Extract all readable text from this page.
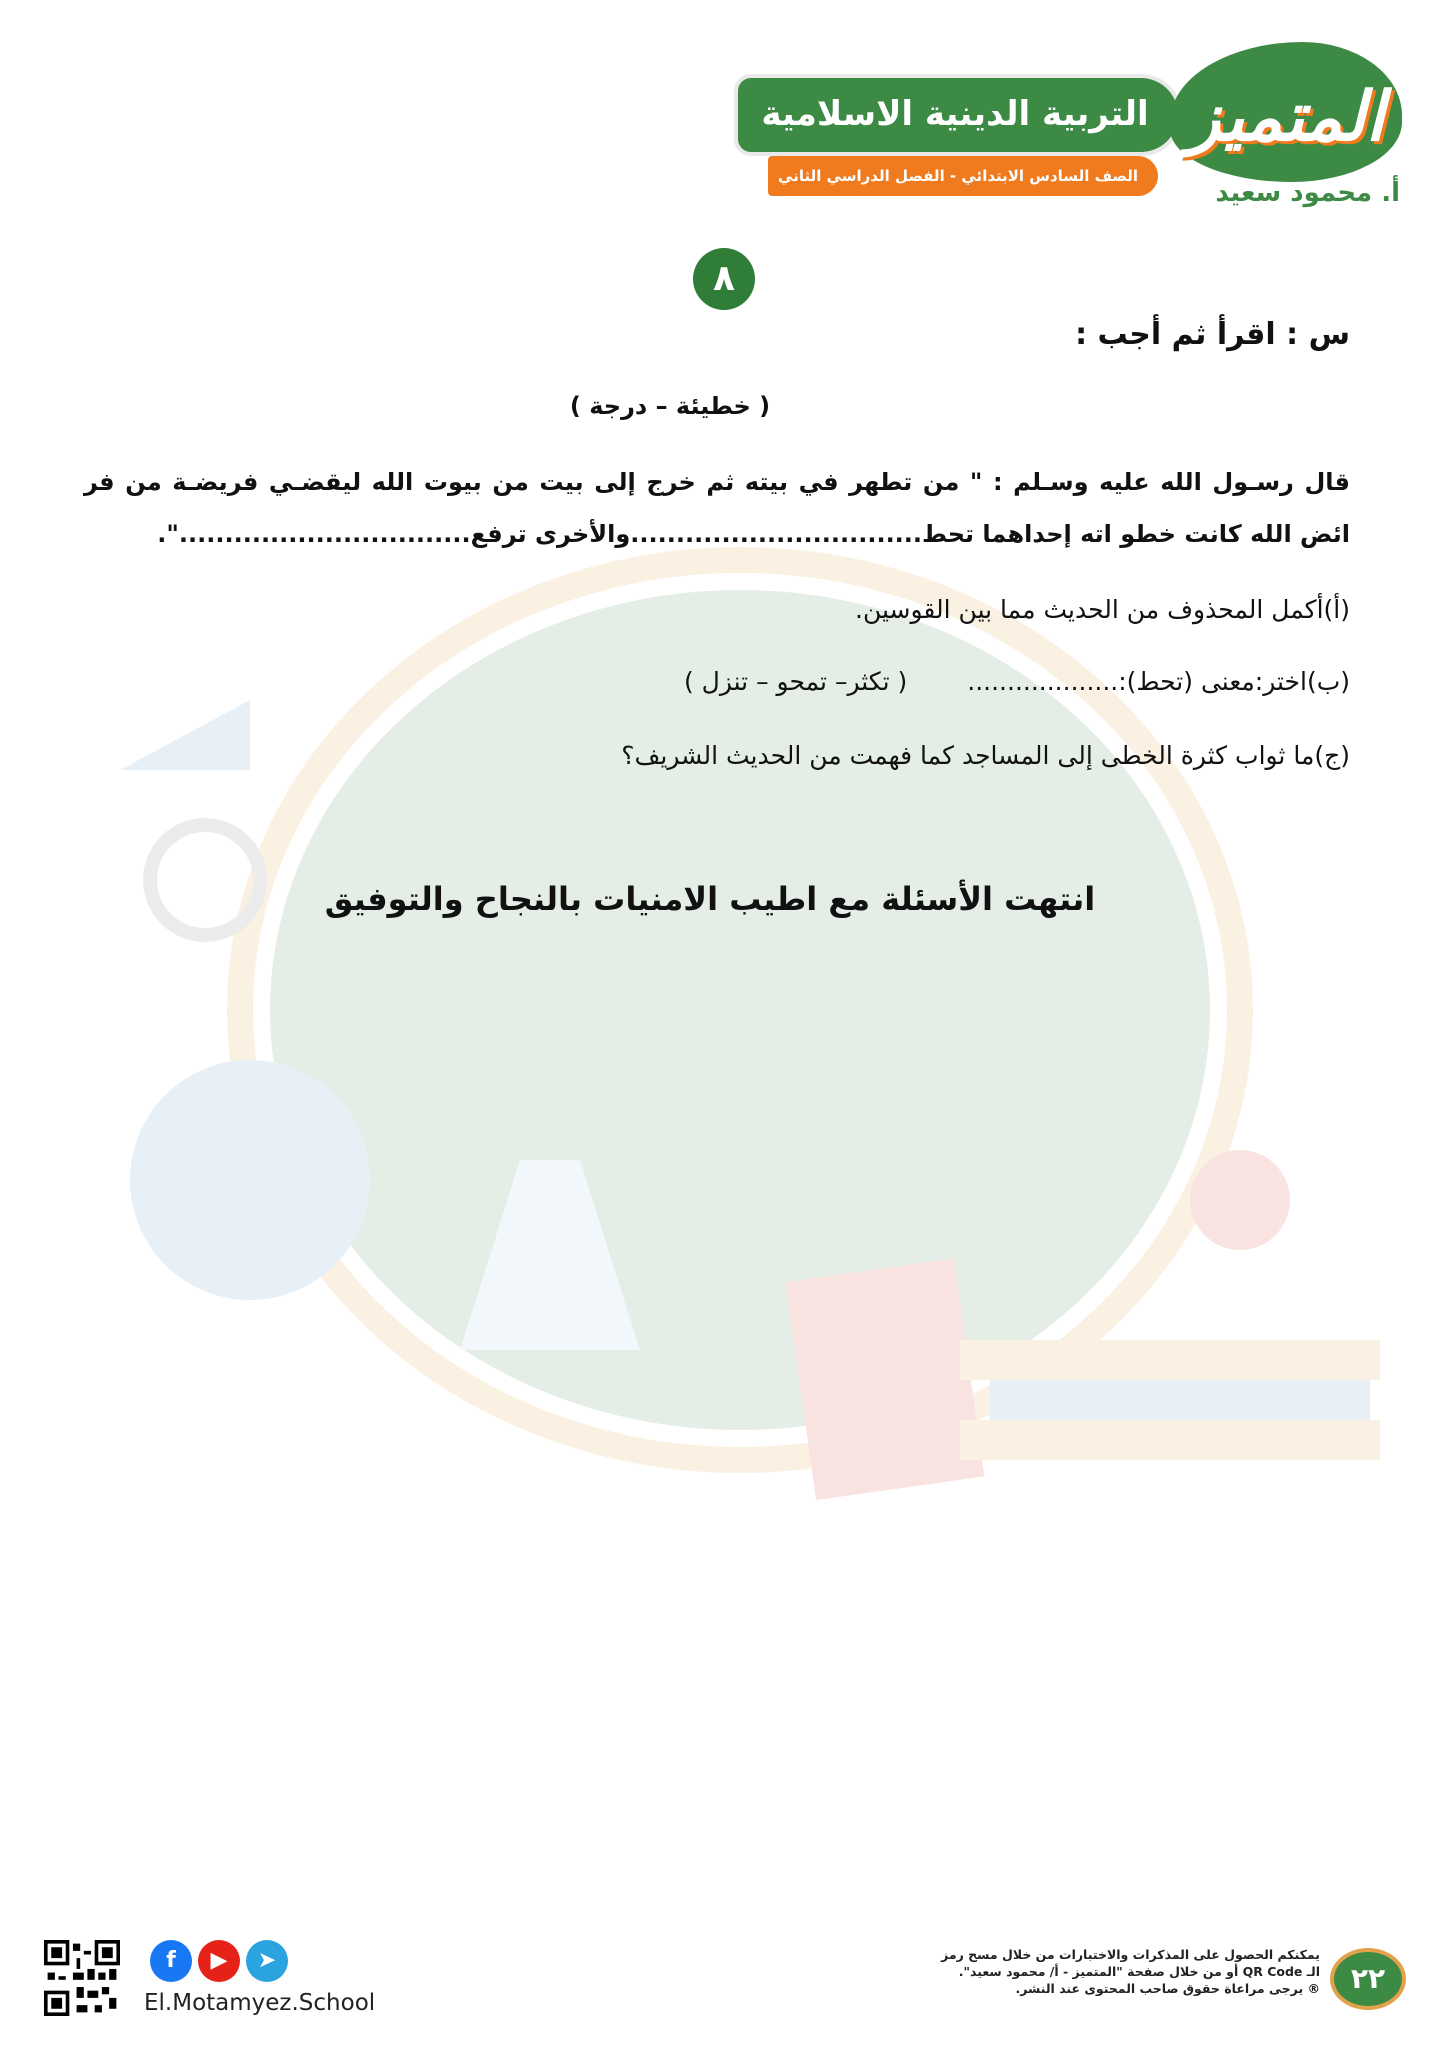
التربية الدينية الاسلامية
الصف السادس الابتدائي - الفصل الدراسي الثاني
المتميز
أ. محمود سعيد
٨
س : اقرأ ثم أجب :
( خطيئة – درجة )
قال رسـول الله عليه وسـلم : " من تطهر في بيته ثم خرج إلى بيت من بيوت الله ليقضـي فريضـة من فر ائض الله كانت خطو اته إحداهما تحط................................والأخرى ترفع................................".
(أ)أكمل المحذوف من الحديث مما بين القوسين.
(ب)اختر:معنى (تحط):...................
( تكثر– تمحو – تنزل )
(ج)ما ثواب كثرة الخطى إلى المساجد كما فهمت من الحديث الشريف؟
انتهت الأسئلة مع اطيب الامنيات بالنجاح والتوفيق
٢٢
يمكنكم الحصول على المذكرات والاختبارات من خلال مسح رمز
الـ QR Code أو من خلال صفحة "المتميز - أ/ محمود سعيد".
® يرجى مراعاة حقوق صاحب المحتوى عند النشر.
f	▶	➤
El.Motamyez.School
